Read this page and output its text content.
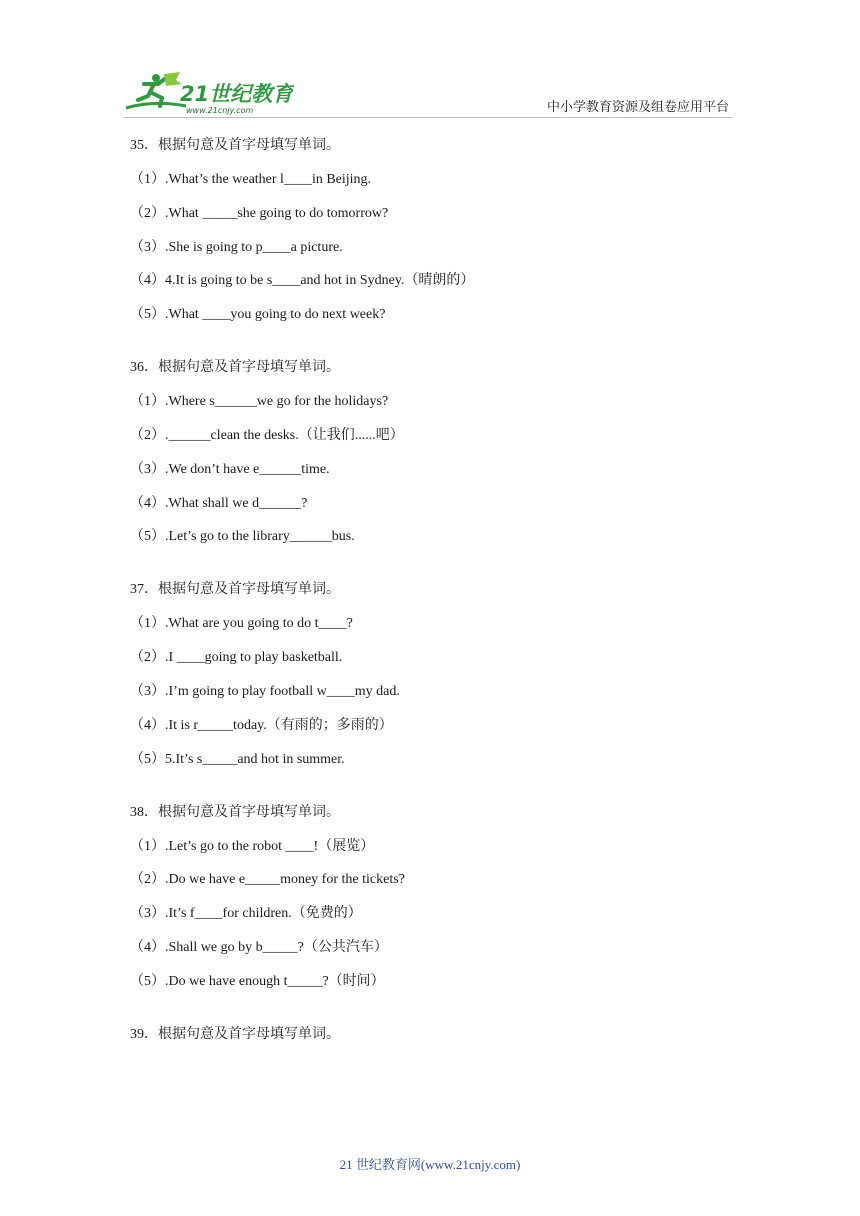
21世纪教育
www.21cnjy.com	中小学教育资源及组卷应用平台
35．根据句意及首字母填写单词。
（1）.What’s the weather l____in Beijing.
（2）.What _____she going to do tomorrow?
（3）.She is going to p____a picture.
（4）4.It is going to be s____and hot in Sydney.（晴朗的）
（5）.What ____you going to do next week?
36．根据句意及首字母填写单词。
（1）.Where s______we go for the holidays?
（2）.______clean the desks.（让我们......吧）
（3）.We don’t have e______time.
（4）.What shall we d______?
（5）.Let’s go to the library______bus.
37．根据句意及首字母填写单词。
（1）.What are you going to do t____?
（2）.I ____going to play basketball.
（3）.I’m going to play football w____my dad.
（4）.It is r_____today.（有雨的；多雨的）
（5）5.It’s s_____and hot in summer.
38．根据句意及首字母填写单词。
（1）.Let’s go to the robot ____!（展览）
（2）.Do we have e_____money for the tickets?
（3）.It’s f____for children.（免费的）
（4）.Shall we go by b_____?（公共汽车）
（5）.Do we have enough t_____?（时间）
39．根据句意及首字母填写单词。
21 世纪教育网(www.21cnjy.com)
